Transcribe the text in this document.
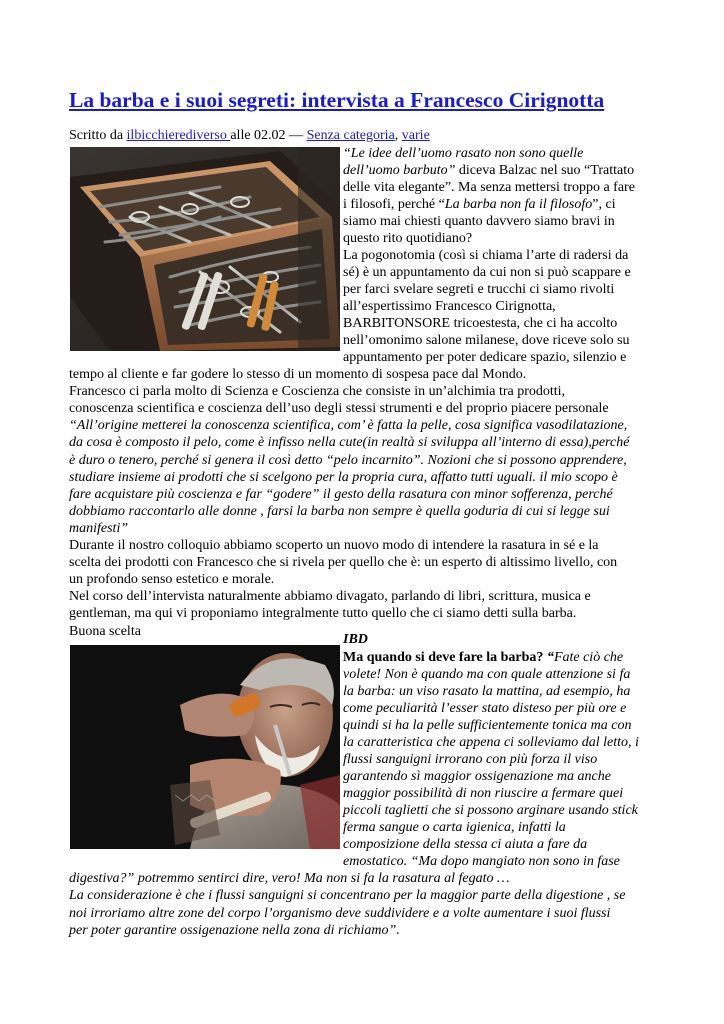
La barba e i suoi segreti: intervista a Francesco Cirignotta
Scritto da ilbicchierediverso alle 02.02 — Senza categoria, varie
“Le idee dell’uomo rasato non sono quelle
dell’uomo barbuto” diceva Balzac nel suo “Trattato
delle vita elegante”. Ma senza mettersi troppo a fare
i filosofi, perché “La barba non fa il filosofo”, ci
siamo mai chiesti quanto davvero siamo bravi in
questo rito quotidiano?
La pogonotomia (così si chiama l’arte di radersi da
sé) è un appuntamento da cui non si può scappare e
per farci svelare segreti e trucchi ci siamo rivolti
all’espertissimo Francesco Cirignotta,
BARBITONSORE tricoestesta, che ci ha accolto
nell’omonimo salone milanese, dove riceve solo su
appuntamento per poter dedicare spazio, silenzio e
tempo al cliente e far godere lo stesso di un momento di sospesa pace dal Mondo.
Francesco ci parla molto di Scienza e Coscienza che consiste in un’alchimia tra prodotti,
conoscenza scientifica e coscienza dell’uso degli stessi strumenti e del proprio piacere personale
“All’origine metterei la conoscenza scientifica, com’ è fatta la pelle, cosa significa vasodilatazione,
da cosa è composto il pelo, come è infisso nella cute(in realtà si sviluppa all’interno di essa),perché
è duro o tenero, perché si genera il così detto “pelo incarnito”. Nozioni che si possono apprendere,
studiare insieme ai prodotti che si scelgono per la propria cura, affatto tutti uguali. il mio scopo è
fare acquistare più coscienza e far “godere” il gesto della rasatura con minor sofferenza, perché
dobbiamo raccontarlo alle donne , farsi la barba non sempre è quella goduria di cui si legge sui
manifesti”
Durante il nostro colloquio abbiamo scoperto un nuovo modo di intendere la rasatura in sé e la
scelta dei prodotti con Francesco che si rivela per quello che è: un esperto di altissimo livello, con
un profondo senso estetico e morale.
Nel corso dell’intervista naturalmente abbiamo divagato, parlando di libri, scrittura, musica e
gentleman, ma qui vi proponiamo integralmente tutto quello che ci siamo detti sulla barba.
Buona scelta
IBD
Ma quando si deve fare la barba? “Fate ciò che
volete! Non è quando ma con quale attenzione si fa
la barba: un viso rasato la mattina, ad esempio, ha
come peculiarità l’esser stato disteso per più ore e
quindi si ha la pelle sufficientemente tonica ma con
la caratteristica che appena ci solleviamo dal letto, i
flussi sanguigni irrorano con più forza il viso
garantendo sì maggior ossigenazione ma anche
maggior possibilità di non riuscire a fermare quei
piccoli taglietti che si possono arginare usando stick
ferma sangue o carta igienica, infatti la
composizione della stessa ci aiuta a fare da
emostatico. “Ma dopo mangiato non sono in fase
digestiva?” potremmo sentirci dire, vero! Ma non si fa la rasatura al fegato …
La considerazione è che i flussi sanguigni si concentrano per la maggior parte della digestione , se
noi irroriamo altre zone del corpo l’organismo deve suddividere e a volte aumentare i suoi flussi
per poter garantire ossigenazione nella zona di richiamo”.
